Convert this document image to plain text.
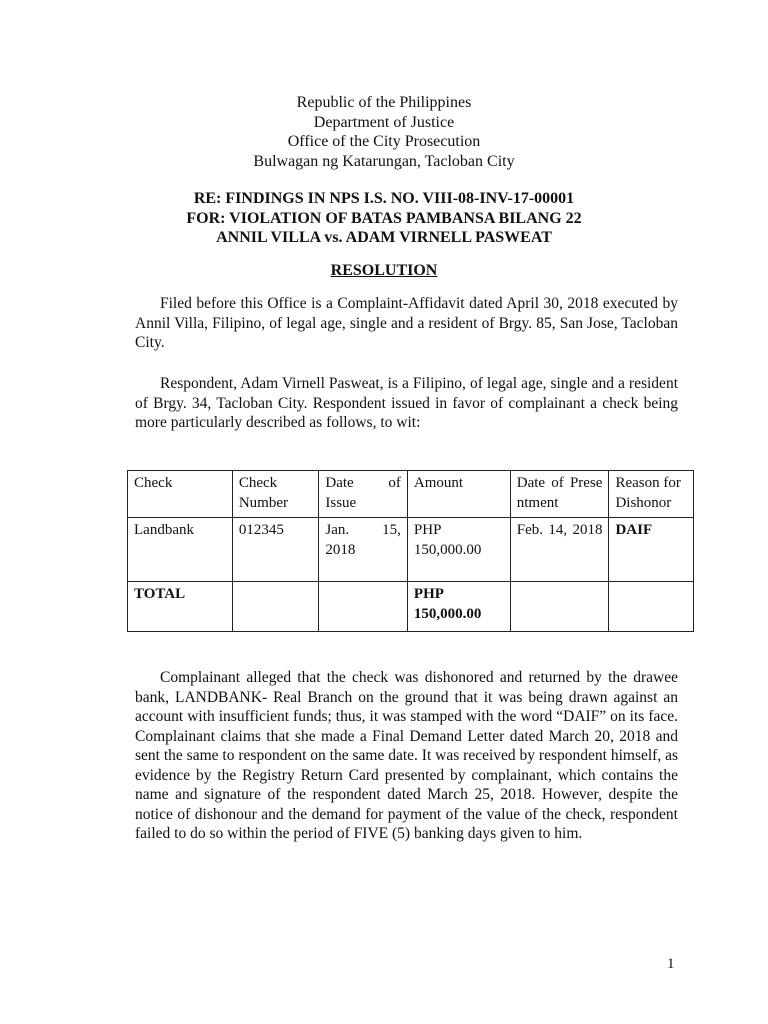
Republic of the Philippines
Department of Justice
Office of the City Prosecution
Bulwagan ng Katarungan, Tacloban City
RE: FINDINGS IN NPS I.S. NO. VIII-08-INV-17-00001
FOR: VIOLATION OF BATAS PAMBANSA BILANG 22
ANNIL VILLA vs. ADAM VIRNELL PASWEAT
RESOLUTION

Filed before this Office is a Complaint-Affidavit dated April 30, 2018 executed by Annil Villa, Filipino, of legal age, single and a resident of Brgy. 85, San Jose, Tacloban City.

Respondent, Adam Virnell Pasweat, is a Filipino, of legal age, single and a resident of Brgy. 34, Tacloban City. Respondent issued in favor of complainant a check being more particularly described as follows, to wit:

Check	Check Number	Date of Issue	Amount	Date of Presentment	Reason for Dishonor
Landbank	012345	Jan. 15, 2018	PHP 150,000.00	Feb. 14, 2018	DAIF
TOTAL			PHP 150,000.00		

Complainant alleged that the check was dishonored and returned by the drawee bank, LANDBANK- Real Branch on the ground that it was being drawn against an account with insufficient funds; thus, it was stamped with the word “DAIF” on its face. Complainant claims that she made a Final Demand Letter dated March 20, 2018 and sent the same to respondent on the same date. It was received by respondent himself, as evidence by the Registry Return Card presented by complainant, which contains the name and signature of the respondent dated March 25, 2018. However, despite the notice of dishonour and the demand for payment of the value of the check, respondent failed to do so within the period of FIVE (5) banking days given to him.

1
